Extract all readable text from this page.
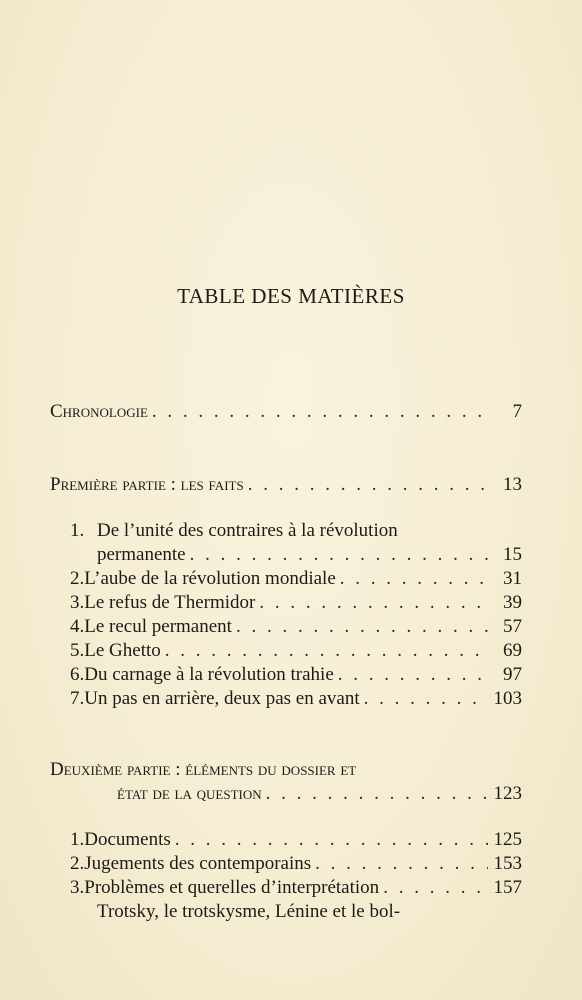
TABLE DES MATIÈRES
Chronologie . . .	7
Première partie : les faits . . .	13
1. De l’unité des contraires à la révolution
permanente . . .	15
2. L’aube de la révolution mondiale . . .	31
3. Le refus de Thermidor . . .	39
4. Le recul permanent . . .	57
5. Le Ghetto . . .	69
6. Du carnage à la révolution trahie . . .	97
7. Un pas en arrière, deux pas en avant . . .	103
Deuxième partie : éléments du dossier et
état de la question . . .	123
1. Documents . . .	125
2. Jugements des contemporains . . .	153
3. Problèmes et querelles d’interprétation . . .	157
Trotsky, le trotskysme, Lénine et le bol-
